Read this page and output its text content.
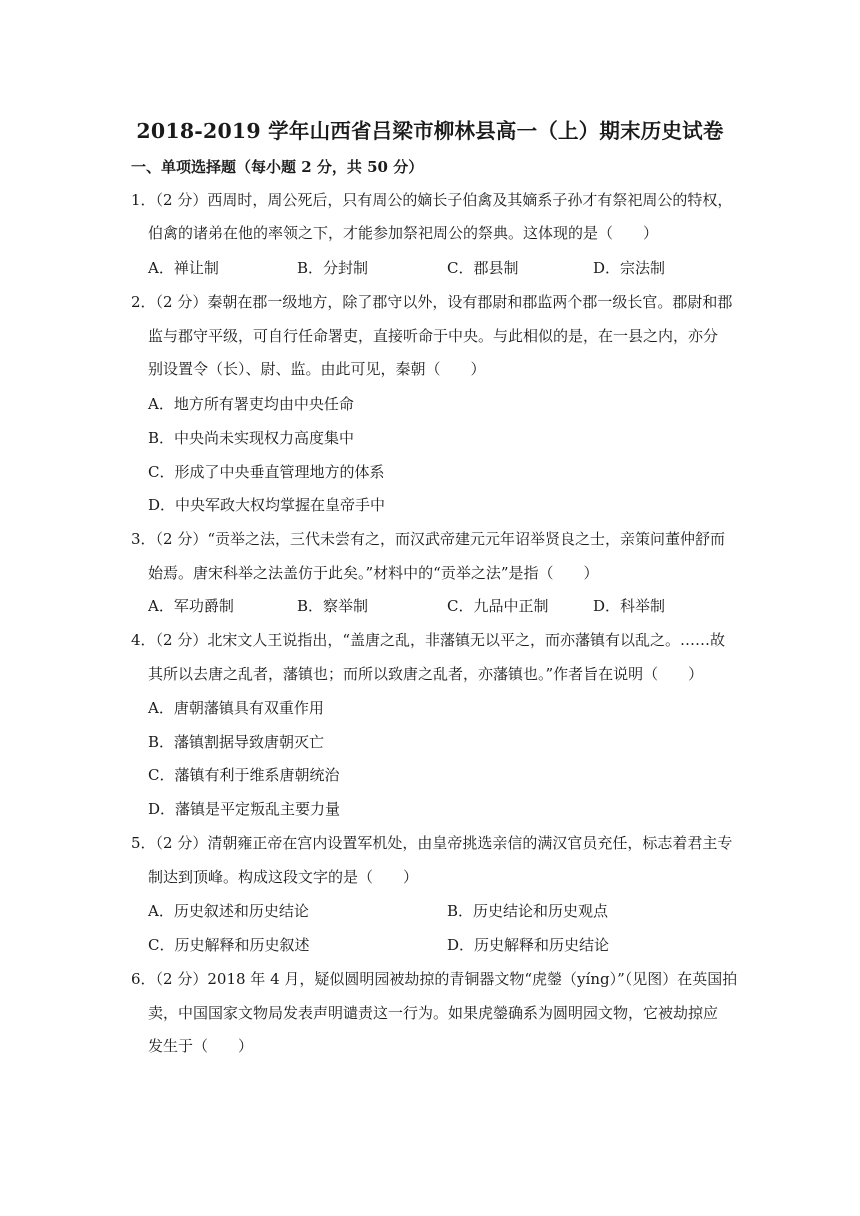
2018-2019 学年山西省吕梁市柳林县高一（上）期末历史试卷
一、单项选择题（每小题 2 分，共 50 分）
1．（2 分）西周时，周公死后，只有周公的嫡长子伯禽及其嫡系子孙才有祭祀周公的特权，
伯禽的诸弟在他的率领之下，才能参加祭祀周公的祭典。这体现的是（　　）
A．禅让制	B．分封制	C．郡县制	D．宗法制
2．（2 分）秦朝在郡一级地方，除了郡守以外，设有郡尉和郡监两个郡一级长官。郡尉和郡
监与郡守平级，可自行任命署吏，直接听命于中央。与此相似的是，在一县之内，亦分
别设置令（长）、尉、监。由此可见，秦朝（　　）
A．地方所有署吏均由中央任命
B．中央尚未实现权力高度集中
C．形成了中央垂直管理地方的体系
D．中央军政大权均掌握在皇帝手中
3．（2 分）“贡举之法，三代未尝有之，而汉武帝建元元年诏举贤良之士，亲策问董仲舒而
始焉。唐宋科举之法盖仿于此矣。”材料中的“贡举之法”是指（　　）
A．军功爵制	B．察举制	C．九品中正制	D．科举制
4．（2 分）北宋文人王说指出，“盖唐之乱，非藩镇无以平之，而亦藩镇有以乱之。……故
其所以去唐之乱者，藩镇也；而所以致唐之乱者，亦藩镇也。”作者旨在说明（　　）
A．唐朝藩镇具有双重作用
B．藩镇割据导致唐朝灭亡
C．藩镇有利于维系唐朝统治
D．藩镇是平定叛乱主要力量
5．（2 分）清朝雍正帝在宫内设置军机处，由皇帝挑选亲信的满汉官员充任，标志着君主专
制达到顶峰。构成这段文字的是（　　）
A．历史叙述和历史结论	B．历史结论和历史观点
C．历史解释和历史叙述	D．历史解释和历史结论
6．（2 分）2018 年 4 月，疑似圆明园被劫掠的青铜器文物“虎鎣（yíng）”（见图）在英国拍
卖，中国国家文物局发表声明谴责这一行为。如果虎鎣确系为圆明园文物，它被劫掠应
发生于（　　）
